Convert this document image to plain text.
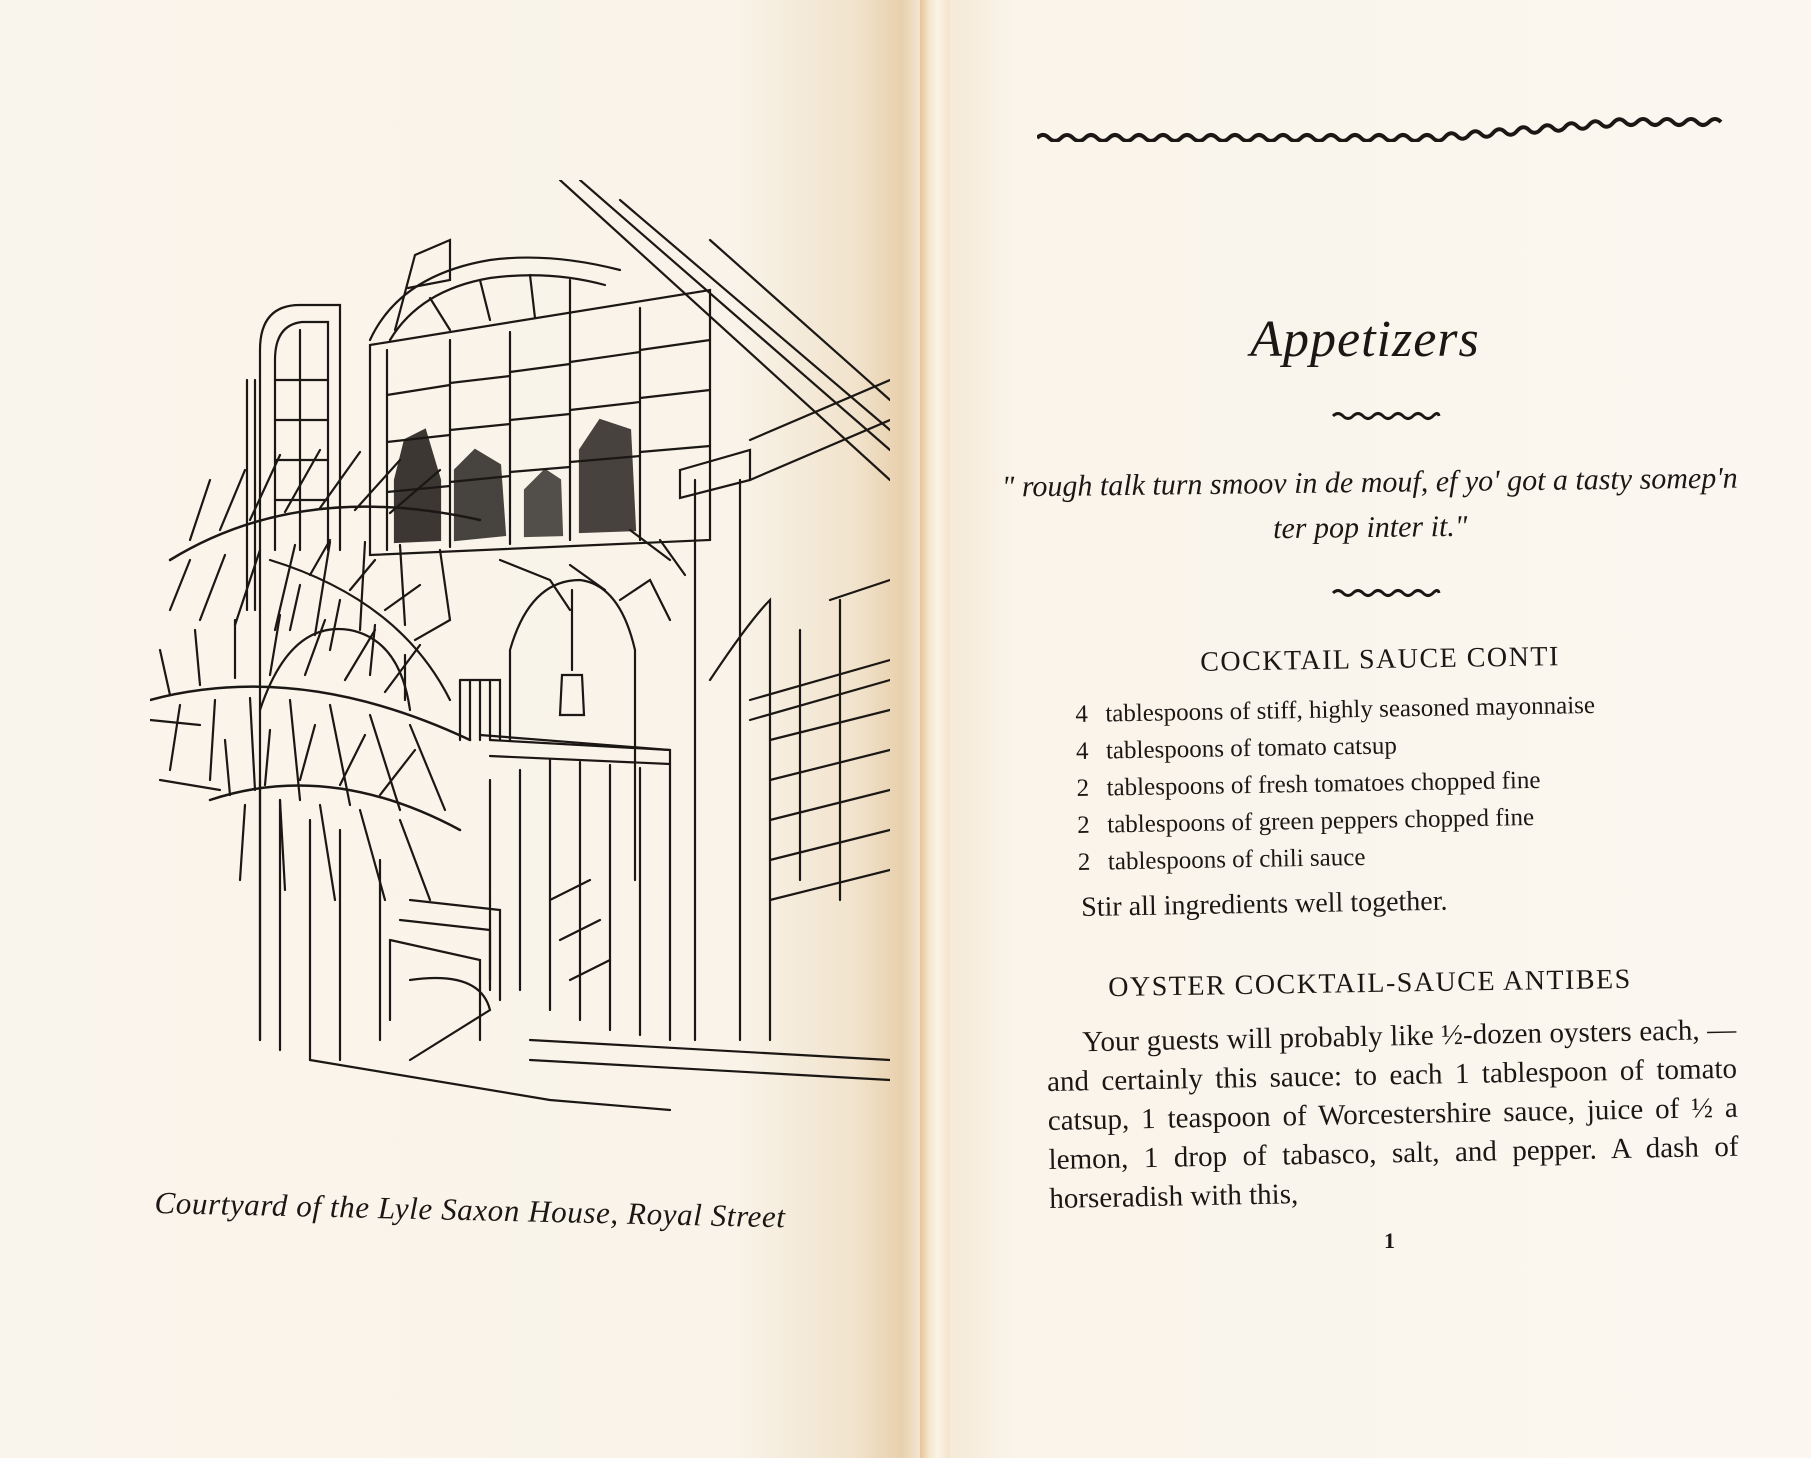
Courtyard of the Lyle Saxon House, Royal Street
Appetizers
" rough talk turn smoov in de mouf, ef yo' got a tasty somep'n ter pop inter it."
COCKTAIL SAUCE CONTI
4 tablespoons of stiff, highly seasoned mayonnaise
4 tablespoons of tomato catsup
2 tablespoons of fresh tomatoes chopped fine
2 tablespoons of green peppers chopped fine
2 tablespoons of chili sauce
Stir all ingredients well together.
OYSTER COCKTAIL-SAUCE ANTIBES
Your guests will probably like ½-dozen oysters each, — and certainly this sauce: to each 1 tablespoon of tomato catsup, 1 teaspoon of Worcestershire sauce, juice of ½ a lemon, 1 drop of tabasco, salt, and pepper. A dash of horseradish with this,
1
